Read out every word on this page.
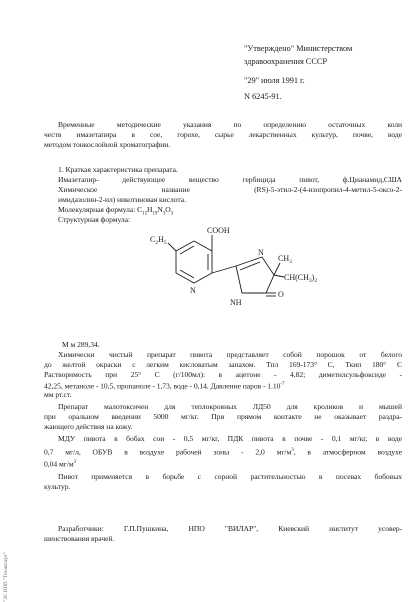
"Утверждено" Министерством
здравоохранения СССР
"29" июля 1991 г.
N 6245-91.
Временные методические указания по определению остаточных коли
честв имазетапира в сое, горохе, сырье лекарственных культур, почве, воде
методом тонкослойной хроматографии.
1. Краткая характеристика препарата.
Имазетапир- действующее вещество гербицида пивот, ф.Цианамид,США
Химическое название (RS)-5-этил-2-(4-изопропил-4-метил-5-оксо-2-
имидазолин-2-ил) никотиновая кислота.
Молекулярная формула: $С_{15}Н_{19}N_3O_3$
Структурная формула:
COOH
$C_2H_5$
N
N
$CH_3$
$CH(CH_3)_2$
NH
O
М м 289,34.
Химически чистый препарат пивота представляет собой порошок от белого
до желтой окраски с легким кисловатым запахом. Тпл 169-173° С, Ткип 180° С
Растворимость при 25° С (г/100мл): в ацетоне - 4,82; диметилсульфоксиде -
42,25, метаноле - 10,5, пропаноле - 1,73, воде - 0,14. Давление паров - $1.10^{-7}$
мм рт.ст.
Препарат малотоксичен для теплокровных ЛД50 для кроликов и мышей
при оральном введении 5000 мг/кг. При прямом контакте не оказывает раздра-
жающего действия на кожу.
МДУ пивота в бобах сои - 0,5 мг/кг, ПДК пивота в почве - 0,1 мг/кг, в воде
0,7 мг/л, ОБУВ в воздухе рабочей зоны - 2,0 $мг/м^3$, в атмосферном воздухе
0,04 $мг/м^3$
Пивот применяется в борьбе с сорной растительностью в посевах бобовых
культур.
Разработчики: Г.П.Пушкина, НПО "ВИЛАР", Киевский институт усовер-
шенствования врачей.
"ЭС НПП "Техэксперт"
